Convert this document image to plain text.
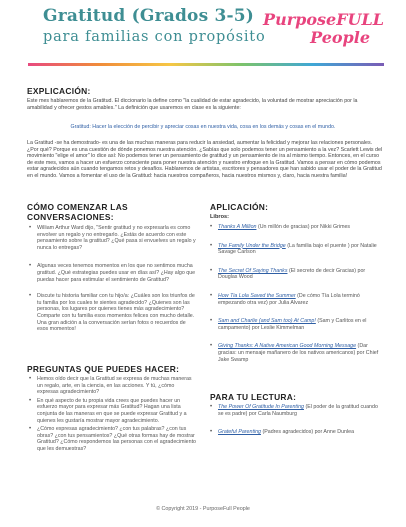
Gratitud (Grados 3-5)
para familias con propósito
PurposeFULL
People
EXPLICACIÓN:
Este mes hablaremos de la Gratitud. El diccionario la define como "la cualidad de estar agradecido, la voluntad de mostrar apreciación por la amabilidad y ofrecer gestos amables." La definición que usaremos en clase es la siguiente:
Gratitud: Hacer la elección de percibir y apreciar cosas en nuestra vida, cosa en los demás y cosas en el mundo.
La Gratitud -se ha demostrado- es una de las muchas maneras para reducir la ansiedad, aumentar la felicidad y mejorar las relaciones personales. ¿Por qué? Porque es una cuestión de dónde ponemos nuestra atención. ¿Sabías que solo podemos tener un pensamiento a la vez? Scarlett Lewis del movimiento "elige el amor" lo dice así: No podemos tener un pensamiento de gratitud y un pensamiento de ira al mismo tiempo. Entonces, en el curso de este mes, vamos a hacer un esfuerzo consciente para poner nuestra atención y nuestro enfoque en la Gratitud. Vamos a pensar en cómo podemos estar agradecidos aún cuando tengamos retos y desafíos. Hablaremos de artistas, escritores y pensadores que han sabido usar el poder de la Gratitud en el mundo. Vamos a fomentar el uso de la Gratitud: hacia nuestros compañeros, hacia nuestros mismos y, claro, hacia nuestra familia!
CÓMO COMENZAR LAS
CONVERSACIONES:
• William Arthur Ward dijo, "Sentir gratitud y no expresarla es como envolver un regalo y no entregarlo. ¿Estás de acuerdo con este pensamiento sobre la gratitud? ¿Qué pasa si envuelves un regalo y nunca lo entregas?
• Algunas veces tenemos momentos en los que no sentimos mucha gratitud. ¿Qué estrategias puedes usar en días así? ¿Hay algo que puedas hacer para estimular el sentimiento de Gratitud?
• Discute tu historia familiar con tu hijo/a: ¿Cuáles son los triunfos de tu familia por los cuales te sientes agradecido? ¿Quienes son las personas, los lugares por quienes tienes más agradecimiento? Comparte con tu familia esos momentos felices con mucho detalle. Una gran adición a la conversación serían fotos o recuerdos de esos momentos!
PREGUNTAS QUE PUEDES HACER:
• Hemos oído decir que la Gratitud se expresa de muchas maneras un regalo, arte, en la ciencia, en las acciones. Y tú, ¿cómo expresas agradecimiento?
• En qué aspecto de tu propia vida crees que puedes hacer un esfuerzo mayor para expresar más Gratitud? Hagan una lista conjunta de las maneras en que se puede expresar Gratitud y a quienes les gustaría mostrar mayor agradecimiento.
• ¿Cómo expresas agradecimiento? ¿con tus palabras? ¿con tus obras? ¿con tus pensamientos? ¿Qué otras formas hay de mostrar Gratitud? ¿Cómo respondemos las personas con el agradecimiento que les demuestras?
APLICACIÓN:
Libros:
• Thanks A Million (Un millón de gracias) por Nikki Grimes
• The Family Under the Bridge (La familia bajo el puente ) por Natalie Savage Carlson
• The Secret Of Saying Thanks (El secreto de decir Gracias) por Douglas Wood
• How Tia Lola Saved the Summer (De cómo Tía Lola terminó empezando otra vez) por Julia Alvarez
• Sam and Charlie (and Sam too) At Camp! (Sam y Carlitos en el campamento) por Leslie Kimmelman
• Giving Thanks: A Native American Good Morning Message (Dar gracias: un mensaje mañanero de los nativos americanos) por Chief Jake Swamp
PARA TU LECTURA:
• The Power Of Gratitude In Parenting (El poder de la gratitud cuando se es padre) por Carla Naumburg
• Grateful Parenting (Padres agradecidos) por Anne Dunlea
© Copyright 2019 - PurposeFull People
